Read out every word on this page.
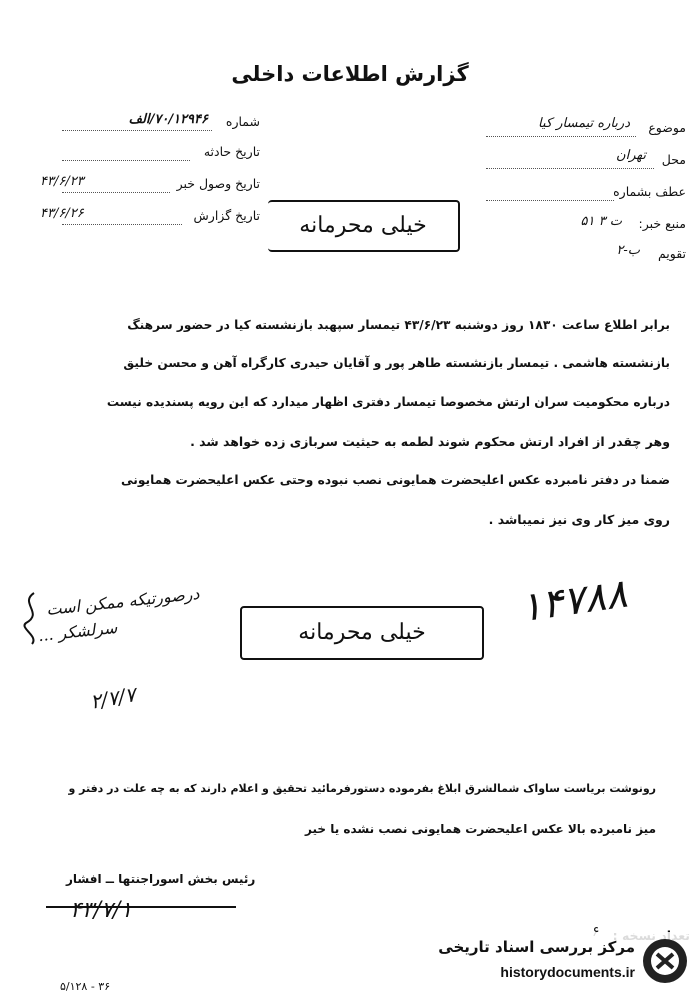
گزارش اطلاعات داخلی
شماره
۷۰/۱۲۹۴۶/الف
تاریخ حادثه
تاریخ وصول خبر
۴۳/۶/۲۳
تاریخ گزارش
۴۳/۶/۲۶
موضوع
درباره تیمسار کیا
محل
تهران
عطف بشماره
منبع خبر:
ت ۳ ۵۱
تقویم
ب-۲
خیلی محرمانه
برابر اطلاع ساعت ۱۸۳۰ روز دوشنبه ۴۳/۶/۲۳ تیمسار سپهبد بازنشسته کیا در حضور سرهنگ
بازنشسته هاشمی . تیمسار بازنشسته طاهر پور و آقایان حیدری کارگراه آهن و محسن خلیق
درباره محکومیت سران ارتش مخصوصا تیمسار دفتری اظهار میدارد که این رویه پسندیده نیست
وهر چقدر از افراد ارتش محکوم شوند لطمه به حیثیت سربازی زده خواهد شد .
ضمنا در دفتر نامبرده عکس اعلیحضرت همایونی نصب نبوده وحتی عکس اعلیحضرت همایونی
روی میز کار وی نیز نمیباشد .
درصورتیکه ممکن است
سرلشکر ...
۲/۷/۷
خیلی محرمانه
۱۴۷۸۸
رونوشت بریاست ساواک شمالشرق ابلاغ بفرموده دستورفرمائید تحقیق و اعلام دارند که به چه علت در دفتر و
میز نامبرده بالا عکس اعلیحضرت همایونی نصب نشده یا خیر
رئیس بخش اسوراجنتها ــ افشار
۴۳/۷/۱
۵/۱۲۸ - ۳۶
مرکز بررسی اسناد تاریخی
historydocuments.ir
